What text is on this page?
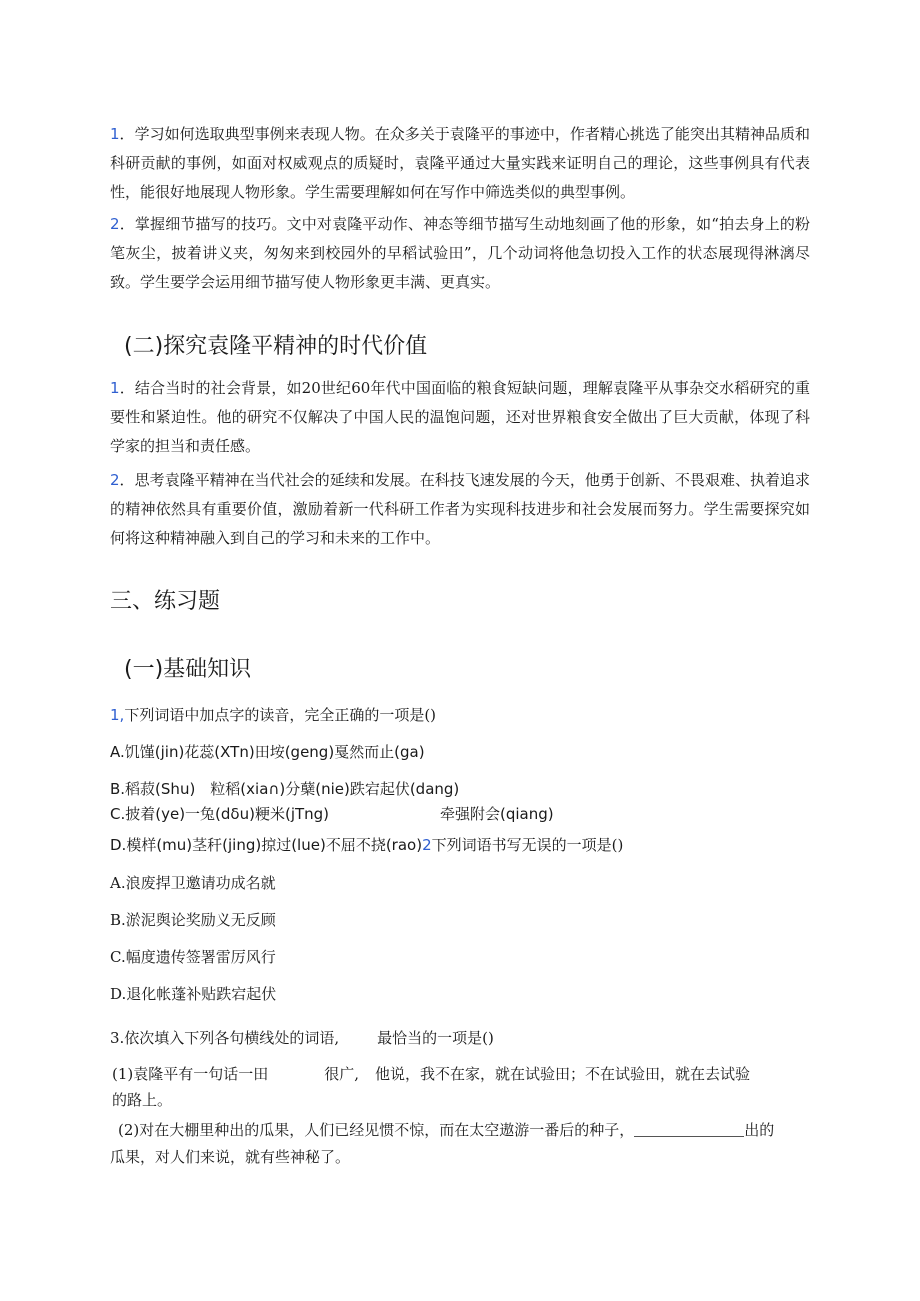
1．学习如何选取典型事例来表现人物。在众多关于袁隆平的事迹中，作者精心挑选了能突出其精神品质和科研贡献的事例，如面对权威观点的质疑时，袁隆平通过大量实践来证明自己的理论，这些事例具有代表性，能很好地展现人物形象。学生需要理解如何在写作中筛选类似的典型事例。
2．掌握细节描写的技巧。文中对袁隆平动作、神态等细节描写生动地刻画了他的形象，如“拍去身上的粉笔灰尘，披着讲义夹，匆匆来到校园外的早稻试验田”，几个动词将他急切投入工作的状态展现得淋漓尽致。学生要学会运用细节描写使人物形象更丰满、更真实。
(二)探究袁隆平精神的时代价值
1．结合当时的社会背景，如20世纪60年代中国面临的粮食短缺问题，理解袁隆平从事杂交水稻研究的重要性和紧迫性。他的研究不仅解决了中国人民的温饱问题，还对世界粮食安全做出了巨大贡献，体现了科学家的担当和责任感。
2．思考袁隆平精神在当代社会的延续和发展。在科技飞速发展的今天，他勇于创新、不畏艰难、执着追求的精神依然具有重要价值，激励着新一代科研工作者为实现科技进步和社会发展而努力。学生需要探究如何将这种精神融入到自己的学习和未来的工作中。
三、练习题
(一)基础知识
1,下列词语中加点字的读音，完全正确的一项是()
A.饥馑(jin)花蕊(XTn)田垵(geng)戛然而止(ga)
B.稻菽(Shu)　粒稻(xia∩)分蘖(nie)跌宕起伏(dang)
C.披着(ye)一兔(dδu)粳米(jTng)	牵强附会(qiang)
D.模样(mu)茎秆(jing)掠过(lue)不屈不挠(rao)2下列词语书写无误的一项是()
A.浪废捍卫邀请功成名就
B.淤泥舆论奖励义无反顾
C.幅度遗传签署雷厉风行
D.退化帐蓬补贴跌宕起伏
3.依次填入下列各句横线处的词语,	最恰当的一项是()
(1)袁隆平有一句话一田	很广, 他说，我不在家，就在试验田；不在试验田，就在去试验
的路上。
(2)对在大棚里种出的瓜果，人们已经见惯不惊，而在太空遨游一番后的种子，	出的
瓜果，对人们来说，就有些神秘了。
